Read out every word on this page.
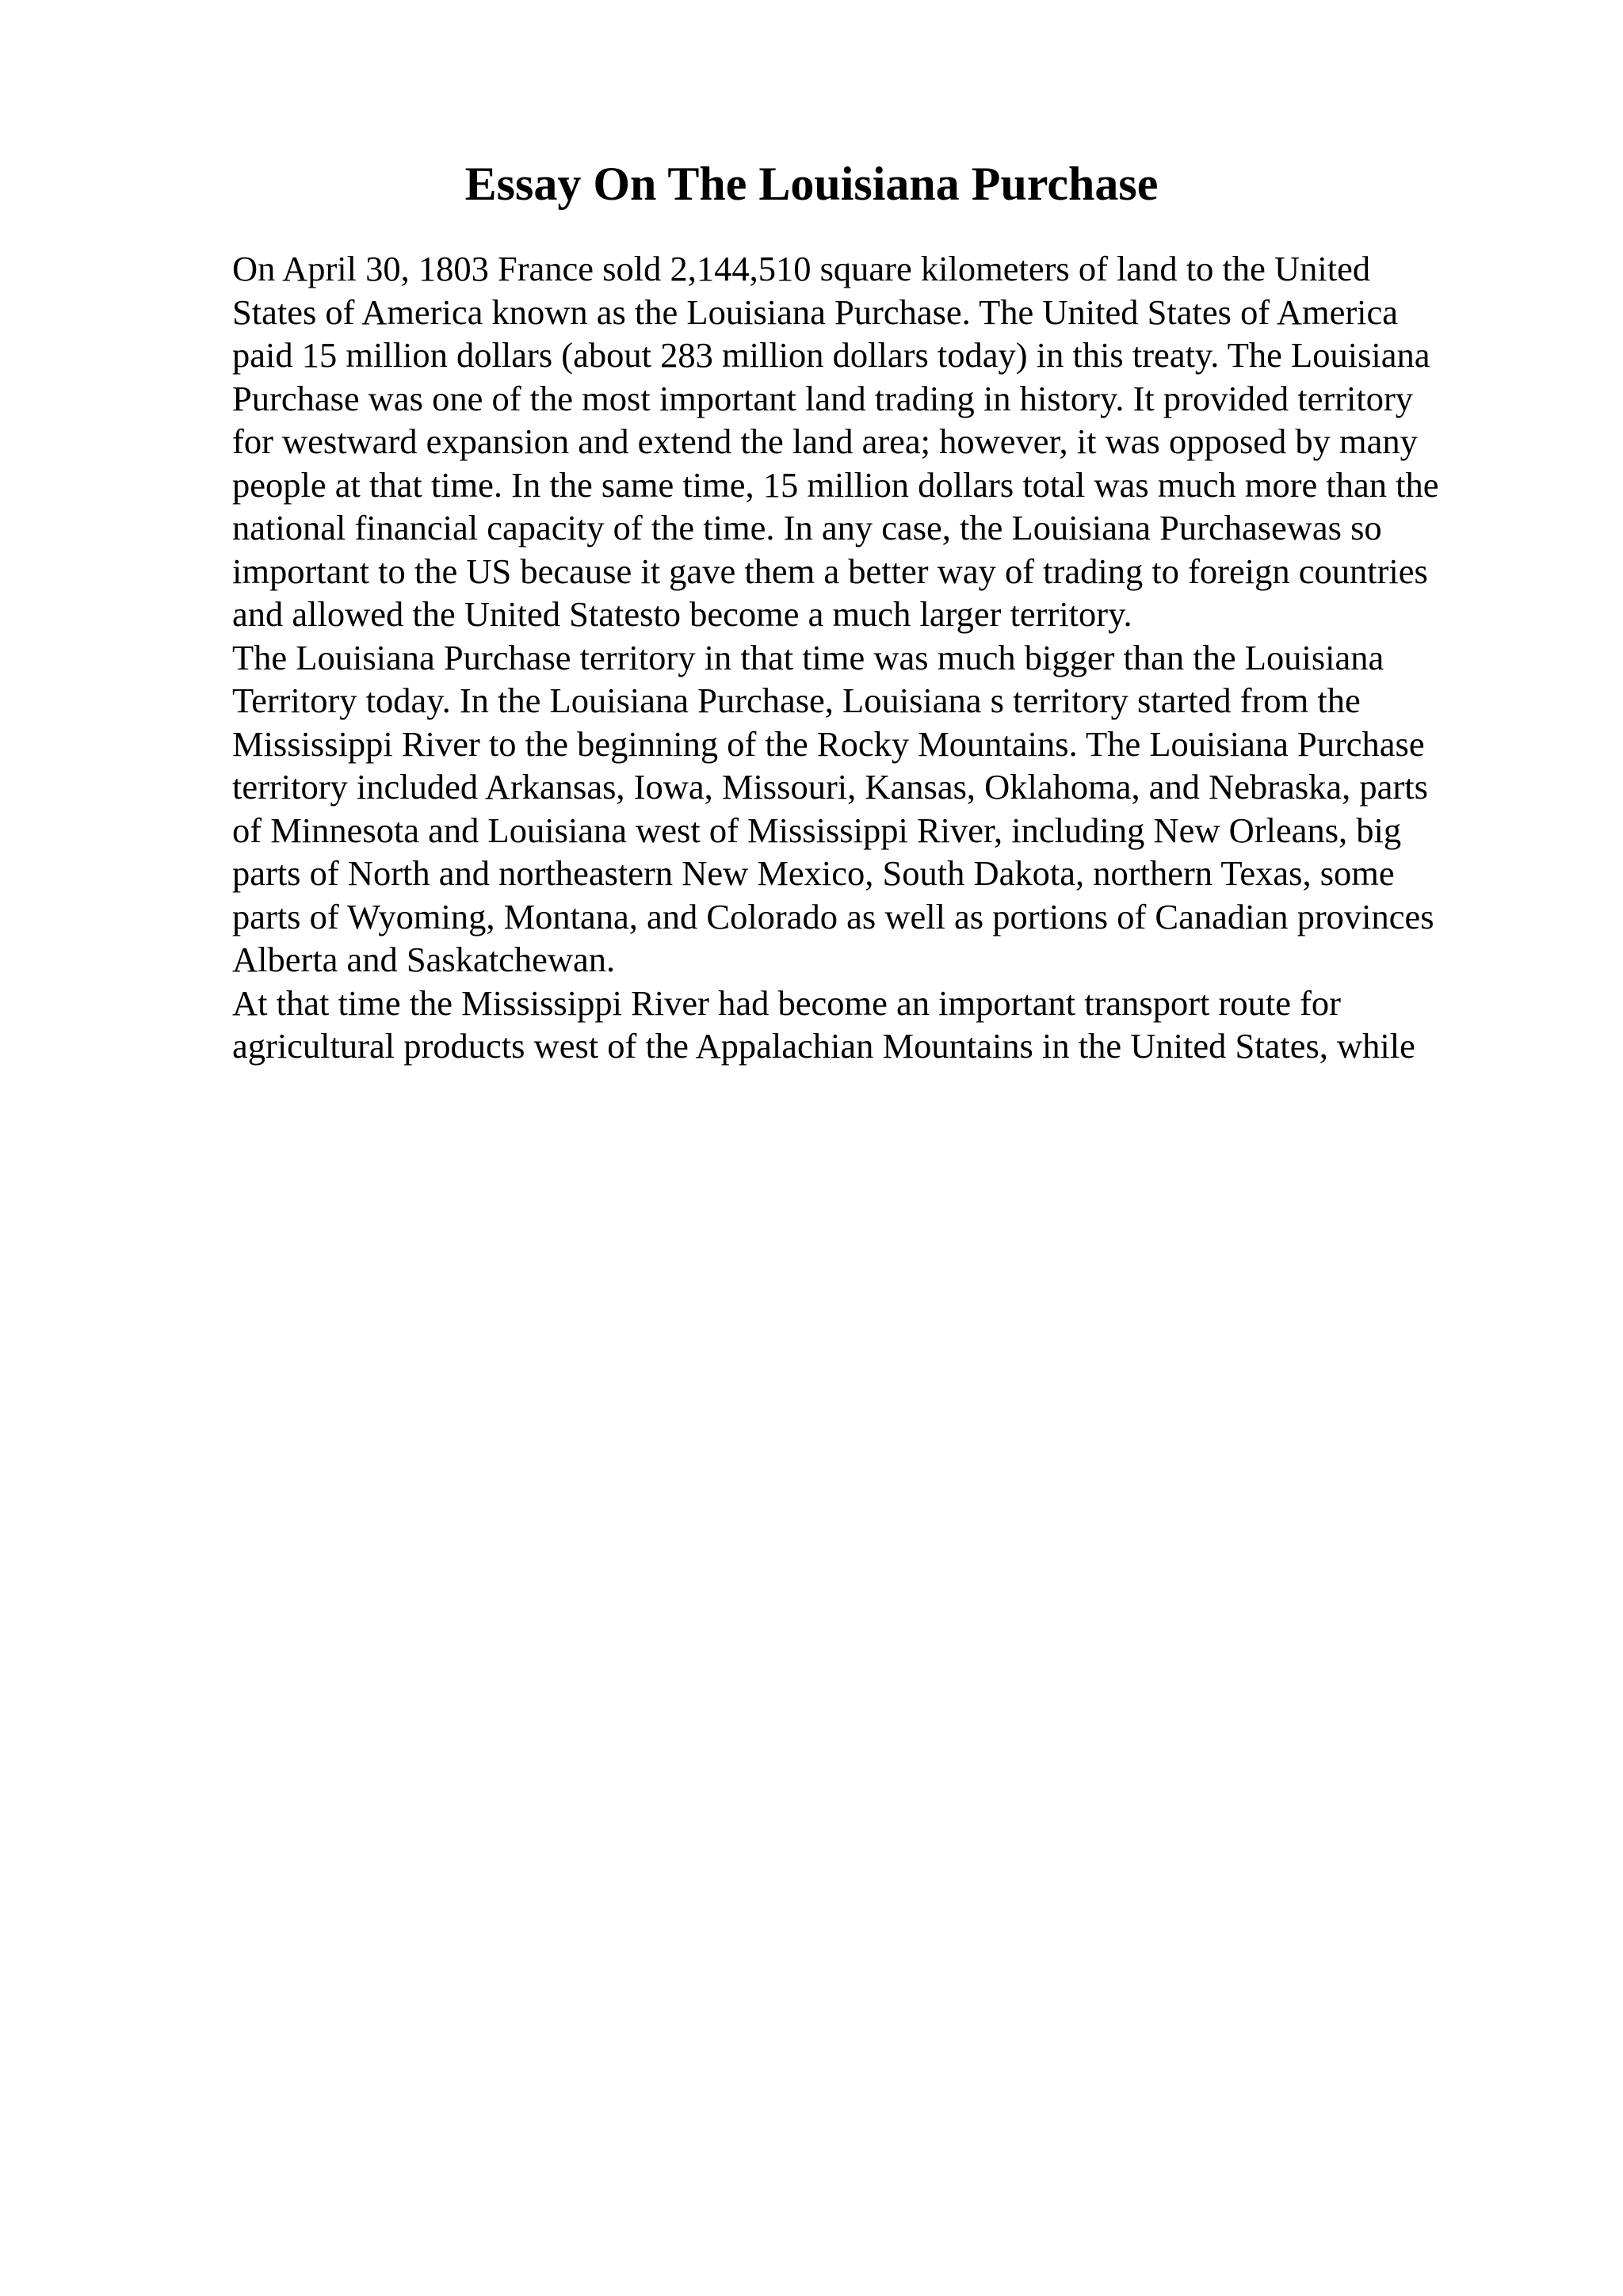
Essay On The Louisiana Purchase

On April 30, 1803 France sold 2,144,510 square kilometers of land to the United

States of America known as the Louisiana Purchase. The United States of America

paid 15 million dollars (about 283 million dollars today) in this treaty. The Louisiana

Purchase was one of the most important land trading in history. It provided territory

for westward expansion and extend the land area; however, it was opposed by many

people at that time. In the same time, 15 million dollars total was much more than the

national financial capacity of the time. In any case, the Louisiana Purchasewas so

important to the US because it gave them a better way of trading to foreign countries

and allowed the United Statesto become a much larger territory.

The Louisiana Purchase territory in that time was much bigger than the Louisiana

Territory today. In the Louisiana Purchase, Louisiana s territory started from the

Mississippi River to the beginning of the Rocky Mountains. The Louisiana Purchase

territory included Arkansas, Iowa, Missouri, Kansas, Oklahoma, and Nebraska, parts

of Minnesota and Louisiana west of Mississippi River, including New Orleans, big

parts of North and northeastern New Mexico, South Dakota, northern Texas, some

parts of Wyoming, Montana, and Colorado as well as portions of Canadian provinces

Alberta and Saskatchewan.

At that time the Mississippi River had become an important transport route for

agricultural products west of the Appalachian Mountains in the United States, while
